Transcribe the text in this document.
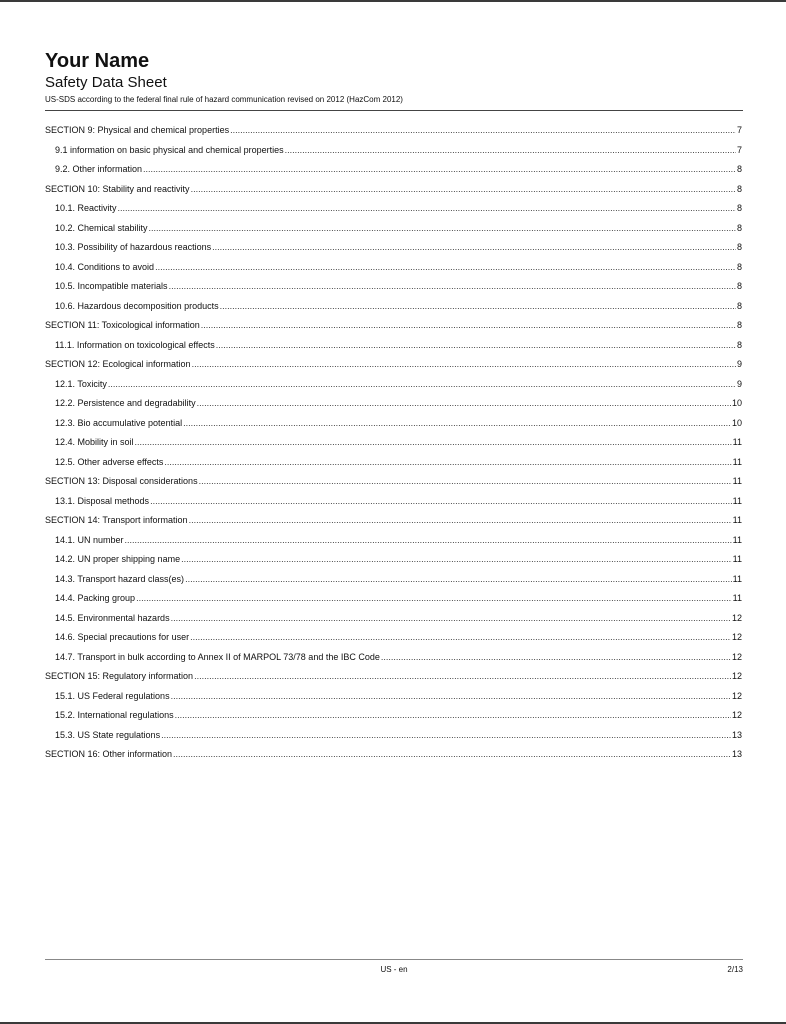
Your Name
Safety Data Sheet
US-SDS according to the federal final rule of hazard communication revised on 2012 (HazCom 2012)
SECTION 9: Physical and chemical properties .....	7
9.1 information on basic physical and chemical properties .....	7
9.2. Other information .....	8
SECTION 10: Stability and reactivity .....	8
10.1. Reactivity .....	8
10.2. Chemical stability .....	8
10.3. Possibility of hazardous reactions .....	8
10.4. Conditions to avoid .....	8
10.5. Incompatible materials .....	8
10.6. Hazardous decomposition products .....	8
SECTION 11: Toxicological information .....	8
11.1. Information on toxicological effects .....	8
SECTION 12: Ecological information .....	9
12.1. Toxicity .....	9
12.2. Persistence and degradability .....	10
12.3. Bio accumulative potential .....	10
12.4. Mobility in soil .....	11
12.5. Other adverse effects .....	11
SECTION 13: Disposal considerations .....	11
13.1. Disposal methods .....	11
SECTION 14: Transport information .....	11
14.1. UN number .....	11
14.2. UN proper shipping name .....	11
14.3. Transport hazard class(es) .....	11
14.4. Packing group .....	11
14.5. Environmental hazards .....	12
14.6. Special precautions for user .....	12
14.7. Transport in bulk according to Annex II of MARPOL 73/78 and the IBC Code .....	12
SECTION 15: Regulatory information .....	12
15.1. US Federal regulations .....	12
15.2. International regulations .....	12
15.3. US State regulations .....	13
SECTION 16: Other information .....	13
US - en	2/13
